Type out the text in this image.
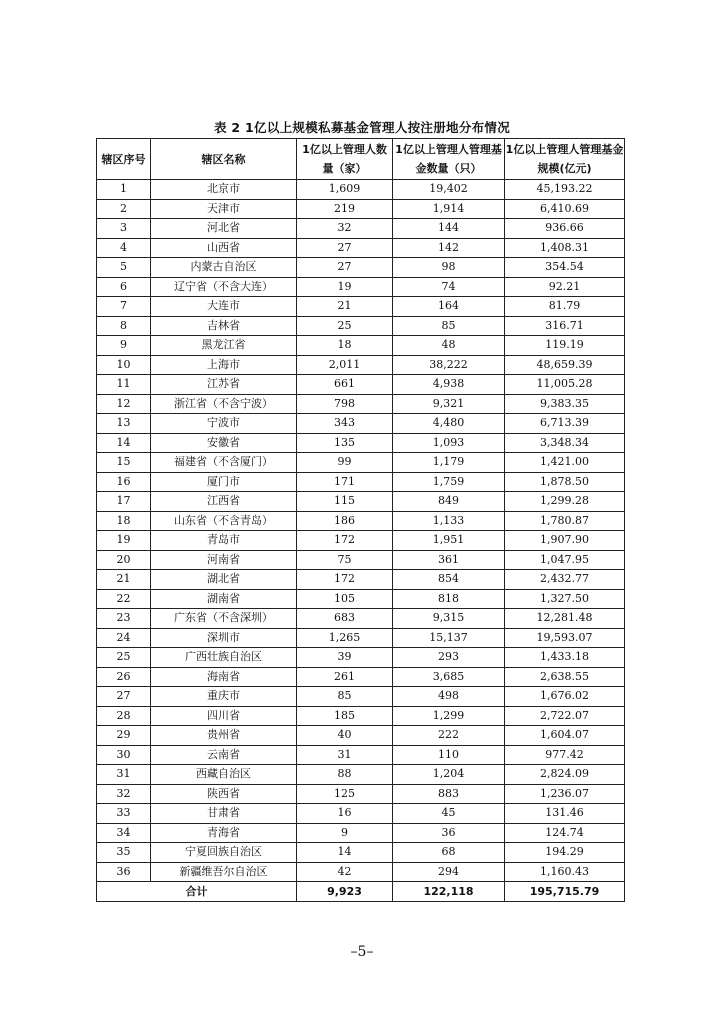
表 2 1亿以上规模私募基金管理人按注册地分布情况
辖区序号	辖区名称	1亿以上管理人数量（家）	1亿以上管理人管理基金数量（只）	1亿以上管理人管理基金规模(亿元)
1	北京市	1,609	19,402	45,193.22
2	天津市	219	1,914	6,410.69
3	河北省	32	144	936.66
4	山西省	27	142	1,408.31
5	内蒙古自治区	27	98	354.54
6	辽宁省（不含大连）	19	74	92.21
7	大连市	21	164	81.79
8	吉林省	25	85	316.71
9	黑龙江省	18	48	119.19
10	上海市	2,011	38,222	48,659.39
11	江苏省	661	4,938	11,005.28
12	浙江省（不含宁波）	798	9,321	9,383.35
13	宁波市	343	4,480	6,713.39
14	安徽省	135	1,093	3,348.34
15	福建省（不含厦门）	99	1,179	1,421.00
16	厦门市	171	1,759	1,878.50
17	江西省	115	849	1,299.28
18	山东省（不含青岛）	186	1,133	1,780.87
19	青岛市	172	1,951	1,907.90
20	河南省	75	361	1,047.95
21	湖北省	172	854	2,432.77
22	湖南省	105	818	1,327.50
23	广东省（不含深圳）	683	9,315	12,281.48
24	深圳市	1,265	15,137	19,593.07
25	广西壮族自治区	39	293	1,433.18
26	海南省	261	3,685	2,638.55
27	重庆市	85	498	1,676.02
28	四川省	185	1,299	2,722.07
29	贵州省	40	222	1,604.07
30	云南省	31	110	977.42
31	西藏自治区	88	1,204	2,824.09
32	陕西省	125	883	1,236.07
33	甘肃省	16	45	131.46
34	青海省	9	36	124.74
35	宁夏回族自治区	14	68	194.29
36	新疆维吾尔自治区	42	294	1,160.43
合计		9,923	122,118	195,715.79
–5–
